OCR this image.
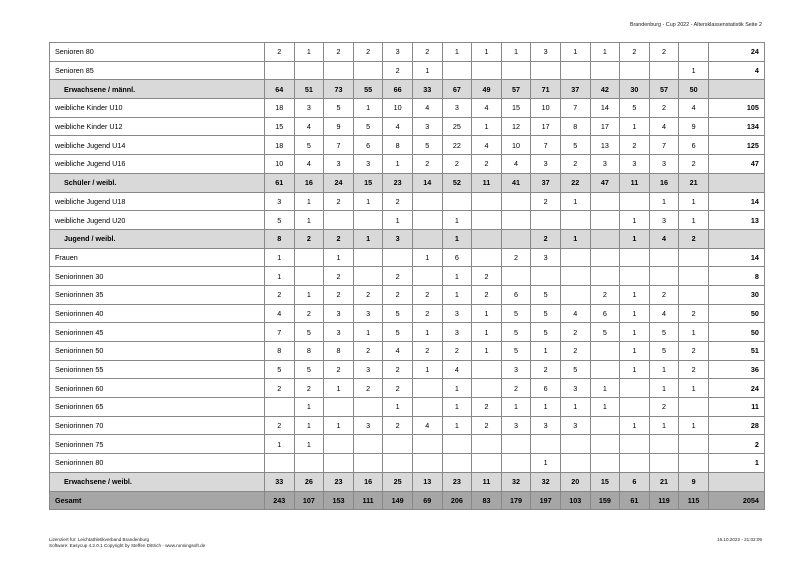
Brandenburg - Cup 2022 - Altersklassenstatistik Seite 2
Senioren 80	2	1	2	2	3	2	1	1	1	3	1	1	2	2		24
Senioren 85					2	1									1	4
Erwachsene / männl.	64	51	73	55	66	33	67	49	57	71	37	42	30	57	50	
weibliche Kinder U10	18	3	5	1	10	4	3	4	15	10	7	14	5	2	4	105
weibliche Kinder U12	15	4	9	5	4	3	25	1	12	17	8	17	1	4	9	134
weibliche Jugend U14	18	5	7	6	8	5	22	4	10	7	5	13	2	7	6	125
weibliche Jugend U16	10	4	3	3	1	2	2	2	4	3	2	3	3	3	2	47
Schüler / weibl.	61	16	24	15	23	14	52	11	41	37	22	47	11	16	21	
weibliche Jugend U18	3	1	2	1	2					2	1			1	1	14
weibliche Jugend U20	5	1			1		1						1	3	1	13
Jugend / weibl.	8	2	2	1	3		1			2	1		1	4	2	
Frauen	1		1			1	6		2	3						14
Seniorinnen 30	1		2		2		1	2								8
Seniorinnen 35	2	1	2	2	2	2	1	2	6	5		2	1	2		30
Seniorinnen 40	4	2	3	3	5	2	3	1	5	5	4	6	1	4	2	50
Seniorinnen 45	7	5	3	1	5	1	3	1	5	5	2	5	1	5	1	50
Seniorinnen 50	8	8	8	2	4	2	2	1	5	1	2		1	5	2	51
Seniorinnen 55	5	5	2	3	2	1	4		3	2	5		1	1	2	36
Seniorinnen 60	2	2	1	2	2		1		2	6	3	1		1	1	24
Seniorinnen 65		1			1		1	2	1	1	1	1		2		11
Seniorinnen 70	2	1	1	3	2	4	1	2	3	3	3		1	1	1	28
Seniorinnen 75	1	1														2
Seniorinnen 80										1						1
Erwachsene / weibl.	33	26	23	16	25	13	23	11	32	32	20	15	6	21	9	
Gesamt	243	107	153	111	149	69	206	83	179	197	103	159	61	119	115	2054
Lizenziert für: Leichtathletikverband Brandenburg
Software: Easycup 4.2.0.1 Copyright by Steffen Dittrich - www.runningsoft.de
16.10.2022 - 21:02:09
